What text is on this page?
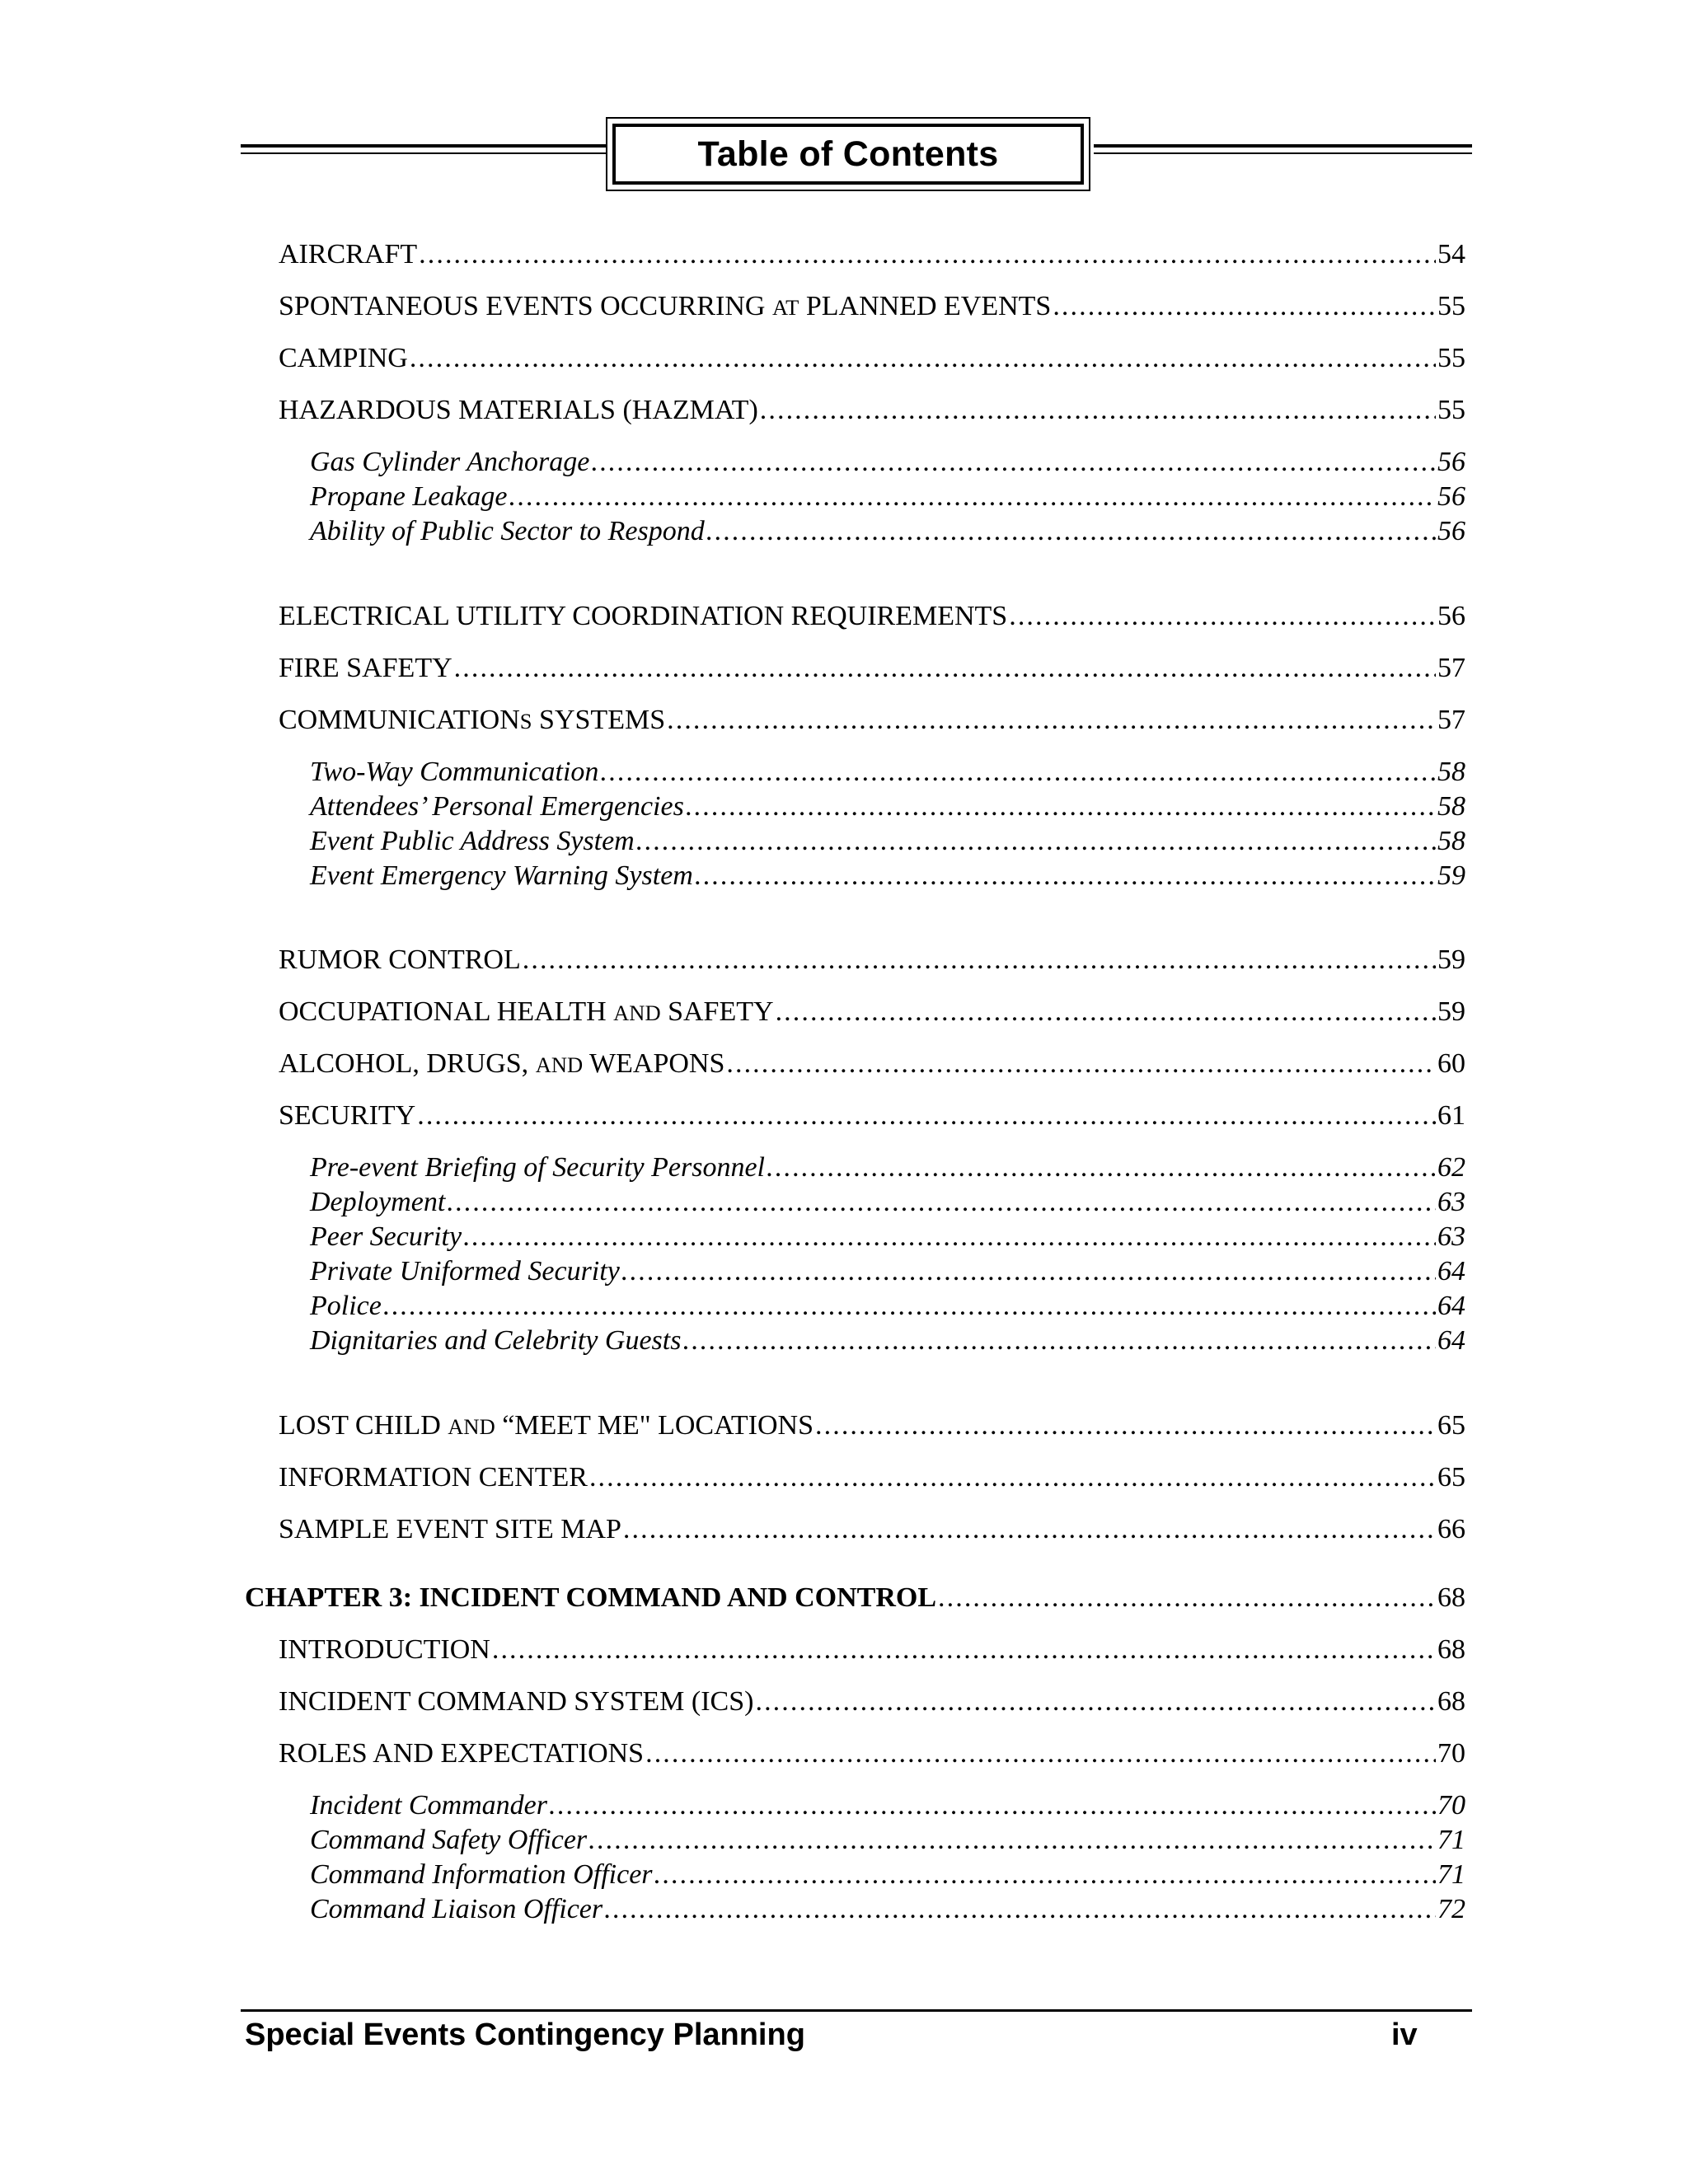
Table of Contents
AIRCRAFT . . .	54
SPONTANEOUS EVENTS OCCURRING AT PLANNED EVENTS . . .	55
CAMPING . . .	55
HAZARDOUS MATERIALS (HAZMAT) . . .	55
Gas Cylinder Anchorage . . .	56
Propane Leakage . . .	56
Ability of Public Sector to Respond . . .	56
ELECTRICAL UTILITY COORDINATION REQUIREMENTS . . .	56
FIRE SAFETY . . .	57
COMMUNICATIONS SYSTEMS . . .	57
Two-Way Communication . . .	58
Attendees’ Personal Emergencies . . .	58
Event Public Address System . . .	58
Event Emergency Warning System . . .	59
RUMOR CONTROL . . .	59
OCCUPATIONAL HEALTH AND SAFETY . . .	59
ALCOHOL, DRUGS, AND WEAPONS . . .	60
SECURITY . . .	61
Pre-event Briefing of Security Personnel . . .	62
Deployment . . .	63
Peer Security . . .	63
Private Uniformed Security . . .	64
Police . . .	64
Dignitaries and Celebrity Guests . . .	64
LOST CHILD AND “MEET ME" LOCATIONS . . .	65
INFORMATION CENTER . . .	65
SAMPLE EVENT SITE MAP . . .	66
CHAPTER 3: INCIDENT COMMAND AND CONTROL . . .	68
INTRODUCTION . . .	68
INCIDENT COMMAND SYSTEM (ICS) . . .	68
ROLES AND EXPECTATIONS . . .	70
Incident Commander . . .	70
Command Safety Officer . . .	71
Command Information Officer . . .	71
Command Liaison Officer . . .	72
Special Events Contingency Planning	iv
